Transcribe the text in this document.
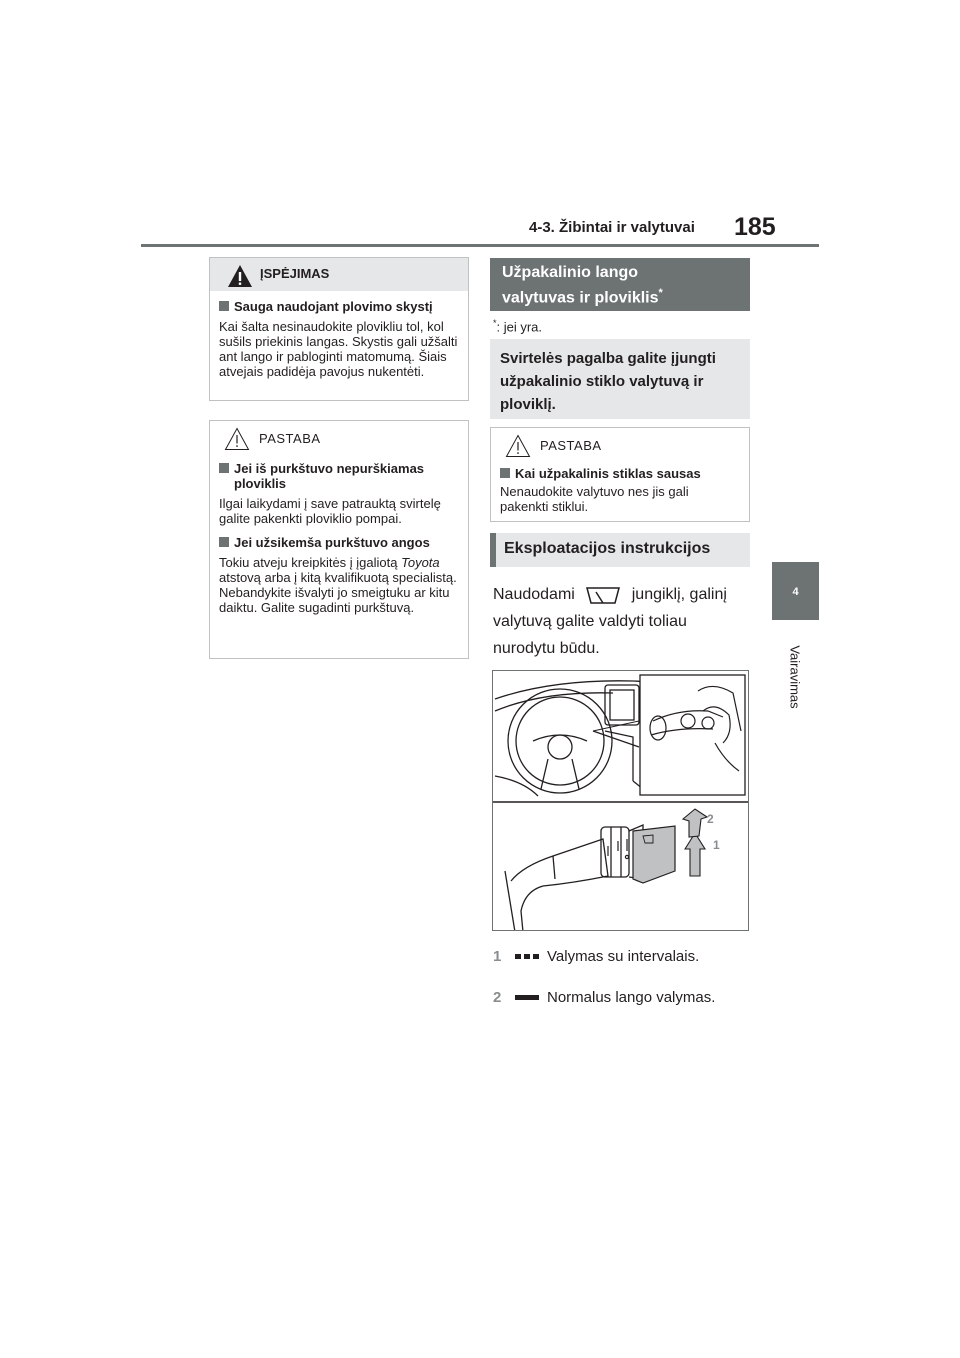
4-3. Žibintai ir valytuvai 185
4
Vairavimas
ĮSPĖJIMAS
Sauga naudojant plovimo skystį
Kai šalta nesinaudokite plovikliu tol, kol sušils priekinis langas. Skystis gali užšalti ant lango ir pabloginti matomumą. Šiais atvejais padidėja pavojus nukentėti.
PASTABA
Jei iš purkštuvo nepurškiamas ploviklis
Ilgai laikydami į save patrauktą svirtelę galite pakenkti ploviklio pompai.
Jei užsikemša purkštuvo angos
Tokiu atveju kreipkitės į įgaliotą Toyota atstovą arba į kitą kvalifikuotą specialistą.
Nebandykite išvalyti jo smeigtuku ar kitu daiktu. Galite sugadinti purkštuvą.
Užpakalinio lango
valytuvas ir ploviklis*
*: jei yra.
Svirtelės pagalba galite įjungti užpakalinio stiklo valytuvą ir ploviklį.
PASTABA
Kai užpakalinis stiklas sausas
Nenaudokite valytuvo nes jis gali pakenkti stiklui.
Eksploatacijos instrukcijos
Naudodami	jungiklį, galinį valytuvą galite valdyti toliau nurodytu būdu.
2
1
1	Valymas su intervalais.
2	Normalus lango valymas.
